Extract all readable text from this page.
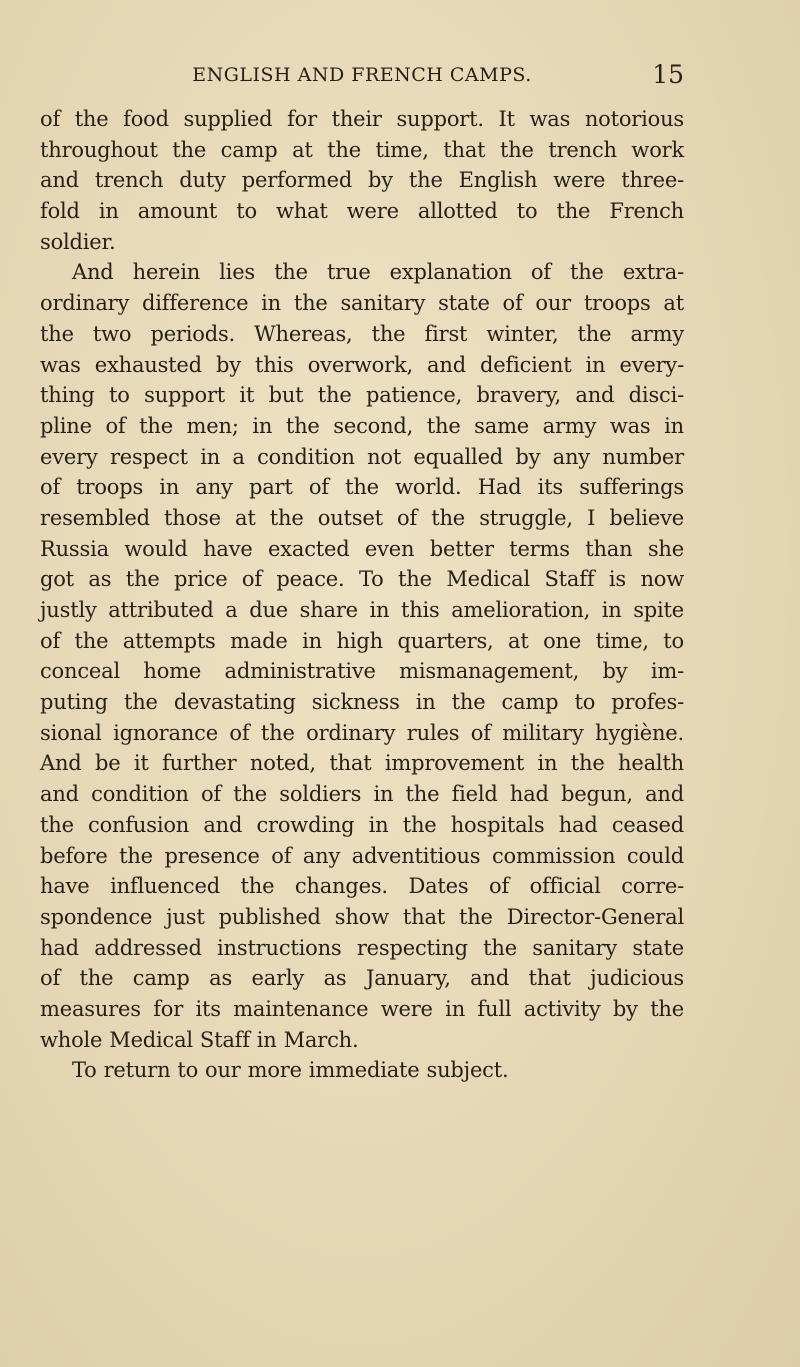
ENGLISH AND FRENCH CAMPS.	15
of the food supplied for their support. It was notorious
throughout the camp at the time, that the trench work
and trench duty performed by the English were three-
fold in amount to what were allotted to the French
soldier.
And herein lies the true explanation of the extra-
ordinary difference in the sanitary state of our troops at
the two periods. Whereas, the first winter, the army
was exhausted by this overwork, and deficient in every-
thing to support it but the patience, bravery, and disci-
pline of the men; in the second, the same army was in
every respect in a condition not equalled by any number
of troops in any part of the world. Had its sufferings
resembled those at the outset of the struggle, I believe
Russia would have exacted even better terms than she
got as the price of peace. To the Medical Staff is now
justly attributed a due share in this amelioration, in spite
of the attempts made in high quarters, at one time, to
conceal home administrative mismanagement, by im-
puting the devastating sickness in the camp to profes-
sional ignorance of the ordinary rules of military hygiène.
And be it further noted, that improvement in the health
and condition of the soldiers in the field had begun, and
the confusion and crowding in the hospitals had ceased
before the presence of any adventitious commission could
have influenced the changes. Dates of official corre-
spondence just published show that the Director-General
had addressed instructions respecting the sanitary state
of the camp as early as January, and that judicious
measures for its maintenance were in full activity by the
whole Medical Staff in March.
To return to our more immediate subject.
